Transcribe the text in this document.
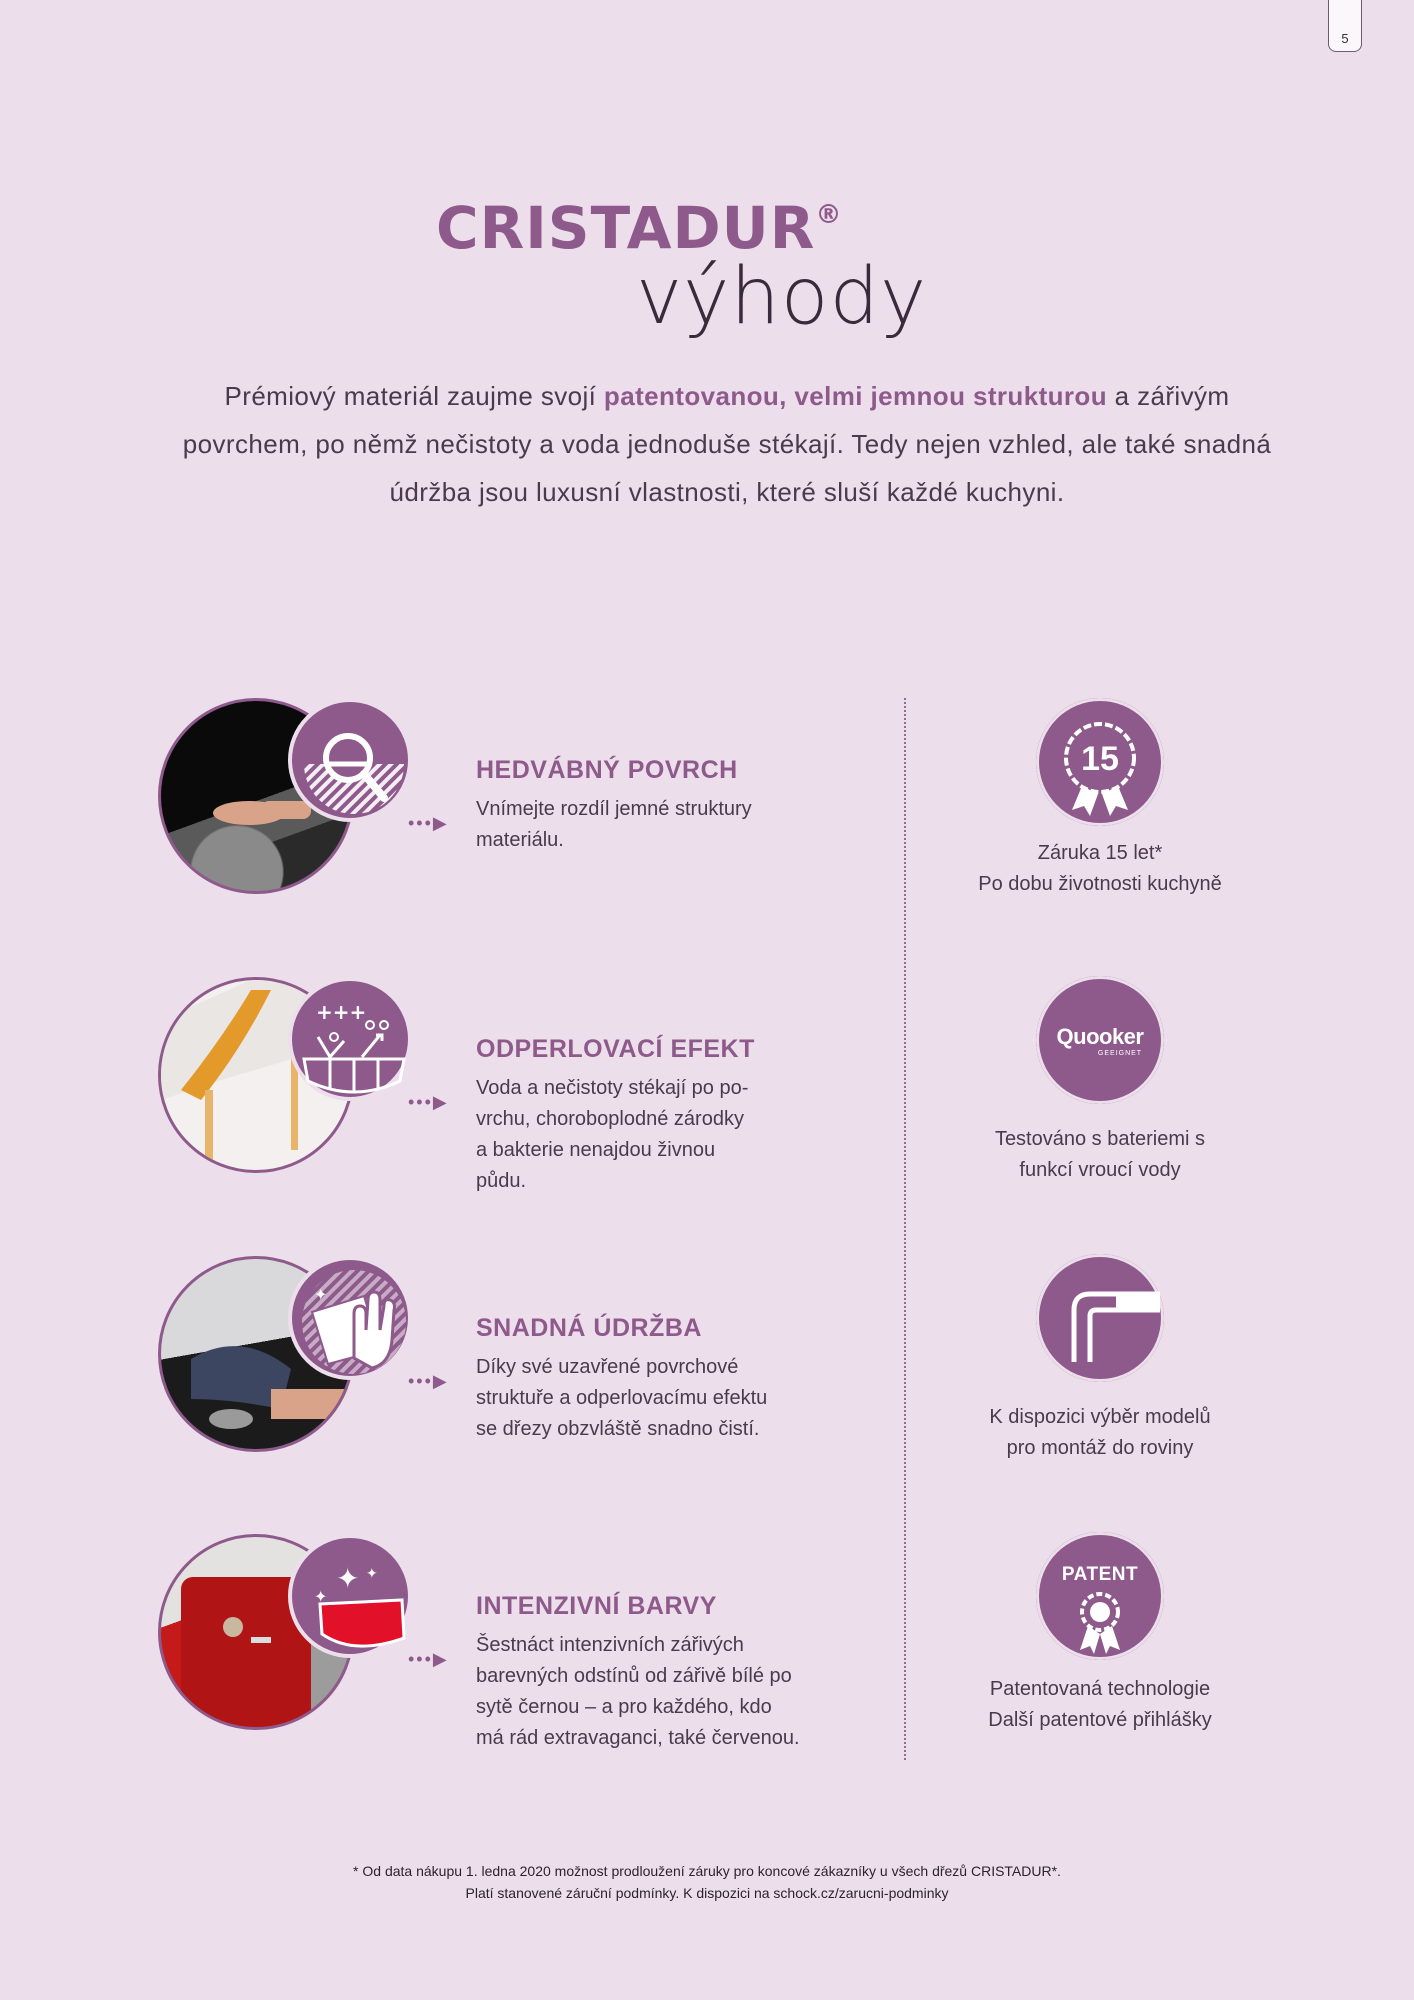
5
CRISTADUR®
výhody
Prémiový materiál zaujme svojí patentovanou, velmi jemnou strukturou a zářivým povrchem, po němž nečistoty a voda jednoduše stékají. Tedy nejen vzhled, ale také snadná údržba jsou luxusní vlastnosti, které sluší každé kuchyni.
•••▶
HEDVÁBNÝ POVRCH
Vnímejte rozdíl jemné struktury
materiálu.
+++
•••▶
ODPERLOVACÍ EFEKT
Voda a nečistoty stékají po po-
vrchu, choroboplodné zárodky
a bakterie nenajdou živnou
půdu.
✦
•••▶
SNADNÁ ÚDRŽBA
Díky své uzavřené povrchové
struktuře a odperlovacímu efektu
se dřezy obzvláště snadno čistí.
✦
✦
✦
•••▶
INTENZIVNÍ BARVY
Šestnáct intenzivních zářivých
barevných odstínů od zářivě bílé po
sytě černou – a pro každého, kdo
má rád extravaganci, také červenou.
15
Záruka 15 let*
Po dobu životnosti kuchyně
Quooker
GEEIGNET
Testováno s bateriemi s
funkcí vroucí vody
K dispozici výběr modelů
pro montáž do roviny
PATENT
Patentovaná technologie
Další patentové přihlášky
* Od data nákupu 1. ledna 2020 možnost prodloužení záruky pro koncové zákazníky u všech dřezů CRISTADUR*.
Platí stanovené záruční podmínky. K dispozici na schock.cz/zarucni-podminky
